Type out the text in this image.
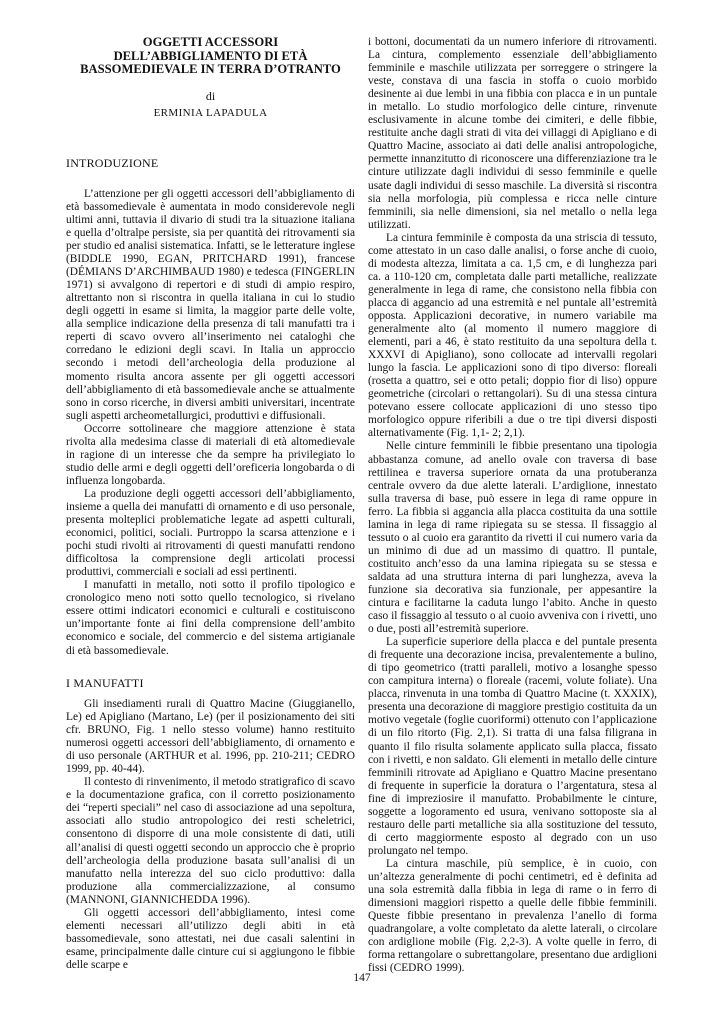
OGGETTI ACCESSORI
DELL’ABBIGLIAMENTO DI ETÀ
BASSOMEDIEVALE IN TERRA D’OTRANTO

di

ERMINIA LAPADULA

INTRODUZIONE

L’attenzione per gli oggetti accessori dell’abbigliamento di età bassomedievale è aumentata in modo considerevole negli ultimi anni, tuttavia il divario di studi tra la situazione italiana e quella d’oltralpe persiste, sia per quantità dei ritrovamenti sia per studio ed analisi sistematica. Infatti, se le letterature inglese (BIDDLE 1990, EGAN, PRITCHARD 1991), francese (DÉMIANS D’ARCHIMBAUD 1980) e tedesca (FINGERLIN 1971) si avvalgono di repertori e di studi di ampio respiro, altrettanto non si riscontra in quella italiana in cui lo studio degli oggetti in esame si limita, la maggior parte delle volte, alla semplice indicazione della presenza di tali manufatti tra i reperti di scavo ovvero all’inserimento nei cataloghi che corredano le edizioni degli scavi. In Italia un approccio secondo i metodi dell’archeologia della produzione al momento risulta ancora assente per gli oggetti accessori dell’abbigliamento di età bassomedievale anche se attualmente sono in corso ricerche, in diversi ambiti universitari, incentrate sugli aspetti archeometallurgici, produttivi e diffusionali.

Occorre sottolineare che maggiore attenzione è stata rivolta alla medesima classe di materiali di età altomedievale in ragione di un interesse che da sempre ha privilegiato lo studio delle armi e degli oggetti dell’oreficeria longobarda o di influenza longobarda.

La produzione degli oggetti accessori dell’abbigliamento, insieme a quella dei manufatti di ornamento e di uso personale, presenta molteplici problematiche legate ad aspetti culturali, economici, politici, sociali. Purtroppo la scarsa attenzione e i pochi studi rivolti ai ritrovamenti di questi manufatti rendono difficoltosa la comprensione degli articolati processi produttivi, commerciali e sociali ad essi pertinenti.

I manufatti in metallo, noti sotto il profilo tipologico e cronologico meno noti sotto quello tecnologico, si rivelano essere ottimi indicatori economici e culturali e costituiscono un’importante fonte ai fini della comprensione dell’ambito economico e sociale, del commercio e del sistema artigianale di età bassomedievale.

I MANUFATTI

Gli insediamenti rurali di Quattro Macine (Giuggianello, Le) ed Apigliano (Martano, Le) (per il posizionamento dei siti cfr. BRUNO, Fig. 1 nello stesso volume) hanno restituito numerosi oggetti accessori dell’abbigliamento, di ornamento e di uso personale (ARTHUR et al. 1996, pp. 210-211; CEDRO 1999, pp. 40-44).

Il contesto di rinvenimento, il metodo stratigrafico di scavo e la documentazione grafica, con il corretto posizionamento dei “reperti speciali” nel caso di associazione ad una sepoltura, associati allo studio antropologico dei resti scheletrici, consentono di disporre di una mole consistente di dati, utili all’analisi di questi oggetti secondo un approccio che è proprio dell’archeologia della produzione basata sull’analisi di un manufatto nella interezza del suo ciclo produttivo: dalla produzione alla commercializzazione, al consumo (MANNONI, GIANNICHEDDA 1996).

Gli oggetti accessori dell’abbigliamento, intesi come elementi necessari all’utilizzo degli abiti in età bassomedievale, sono attestati, nei due casali salentini in esame, principalmente dalle cinture cui si aggiungono le fibbie delle scarpe e

i bottoni, documentati da un numero inferiore di ritrovamenti. La cintura, complemento essenziale dell’abbigliamento femminile e maschile utilizzata per sorreggere o stringere la veste, constava di una fascia in stoffa o cuoio morbido desinente ai due lembi in una fibbia con placca e in un puntale in metallo. Lo studio morfologico delle cinture, rinvenute esclusivamente in alcune tombe dei cimiteri, e delle fibbie, restituite anche dagli strati di vita dei villaggi di Apigliano e di Quattro Macine, associato ai dati delle analisi antropologiche, permette innanzitutto di riconoscere una differenziazione tra le cinture utilizzate dagli individui di sesso femminile e quelle usate dagli individui di sesso maschile. La diversità si riscontra sia nella morfologia, più complessa e ricca nelle cinture femminili, sia nelle dimensioni, sia nel metallo o nella lega utilizzati.

La cintura femminile è composta da una striscia di tessuto, come attestato in un caso dalle analisi, o forse anche di cuoio, di modesta altezza, limitata a ca. 1,5 cm, e di lunghezza pari ca. a 110-120 cm, completata dalle parti metalliche, realizzate generalmente in lega di rame, che consistono nella fibbia con placca di aggancio ad una estremità e nel puntale all’estremità opposta. Applicazioni decorative, in numero variabile ma generalmente alto (al momento il numero maggiore di elementi, pari a 46, è stato restituito da una sepoltura della t. XXXVI di Apigliano), sono collocate ad intervalli regolari lungo la fascia. Le applicazioni sono di tipo diverso: floreali (rosetta a quattro, sei e otto petali; doppio fior di liso) oppure geometriche (circolari o rettangolari). Su di una stessa cintura potevano essere collocate applicazioni di uno stesso tipo morfologico oppure riferibili a due o tre tipi diversi disposti alternativamente (Fig. 1,1- 2; 2,1).

Nelle cinture femminili le fibbie presentano una tipologia abbastanza comune, ad anello ovale con traversa di base rettilinea e traversa superiore ornata da una protuberanza centrale ovvero da due alette laterali. L’ardiglione, innestato sulla traversa di base, può essere in lega di rame oppure in ferro. La fibbia si aggancia alla placca costituita da una sottile lamina in lega di rame ripiegata su se stessa. Il fissaggio al tessuto o al cuoio era garantito da rivetti il cui numero varia da un minimo di due ad un massimo di quattro. Il puntale, costituito anch’esso da una lamina ripiegata su se stessa e saldata ad una struttura interna di pari lunghezza, aveva la funzione sia decorativa sia funzionale, per appesantire la cintura e facilitarne la caduta lungo l’abito. Anche in questo caso il fissaggio al tessuto o al cuoio avveniva con i rivetti, uno o due, posti all’estremità superiore.

La superficie superiore della placca e del puntale presenta di frequente una decorazione incisa, prevalentemente a bulino, di tipo geometrico (tratti paralleli, motivo a losanghe spesso con campitura interna) o floreale (racemi, volute foliate). Una placca, rinvenuta in una tomba di Quattro Macine (t. XXXIX), presenta una decorazione di maggiore prestigio costituita da un motivo vegetale (foglie cuoriformi) ottenuto con l’applicazione di un filo ritorto (Fig. 2,1). Si tratta di una falsa filigrana in quanto il filo risulta solamente applicato sulla placca, fissato con i rivetti, e non saldato. Gli elementi in metallo delle cinture femminili ritrovate ad Apigliano e Quattro Macine presentano di frequente in superficie la doratura o l’argentatura, stesa al fine di impreziosire il manufatto. Probabilmente le cinture, soggette a logoramento ed usura, venivano sottoposte sia al restauro delle parti metalliche sia alla sostituzione del tessuto, di certo maggiormente esposto al degrado con un uso prolungato nel tempo.

La cintura maschile, più semplice, è in cuoio, con un’altezza generalmente di pochi centimetri, ed è definita ad una sola estremità dalla fibbia in lega di rame o in ferro di dimensioni maggiori rispetto a quelle delle fibbie femminili. Queste fibbie presentano in prevalenza l’anello di forma quadrangolare, a volte completato da alette laterali, o circolare con ardiglione mobile (Fig. 2,2-3). A volte quelle in ferro, di forma rettangolare o subrettangolare, presentano due ardiglioni fissi (CEDRO 1999).

147
